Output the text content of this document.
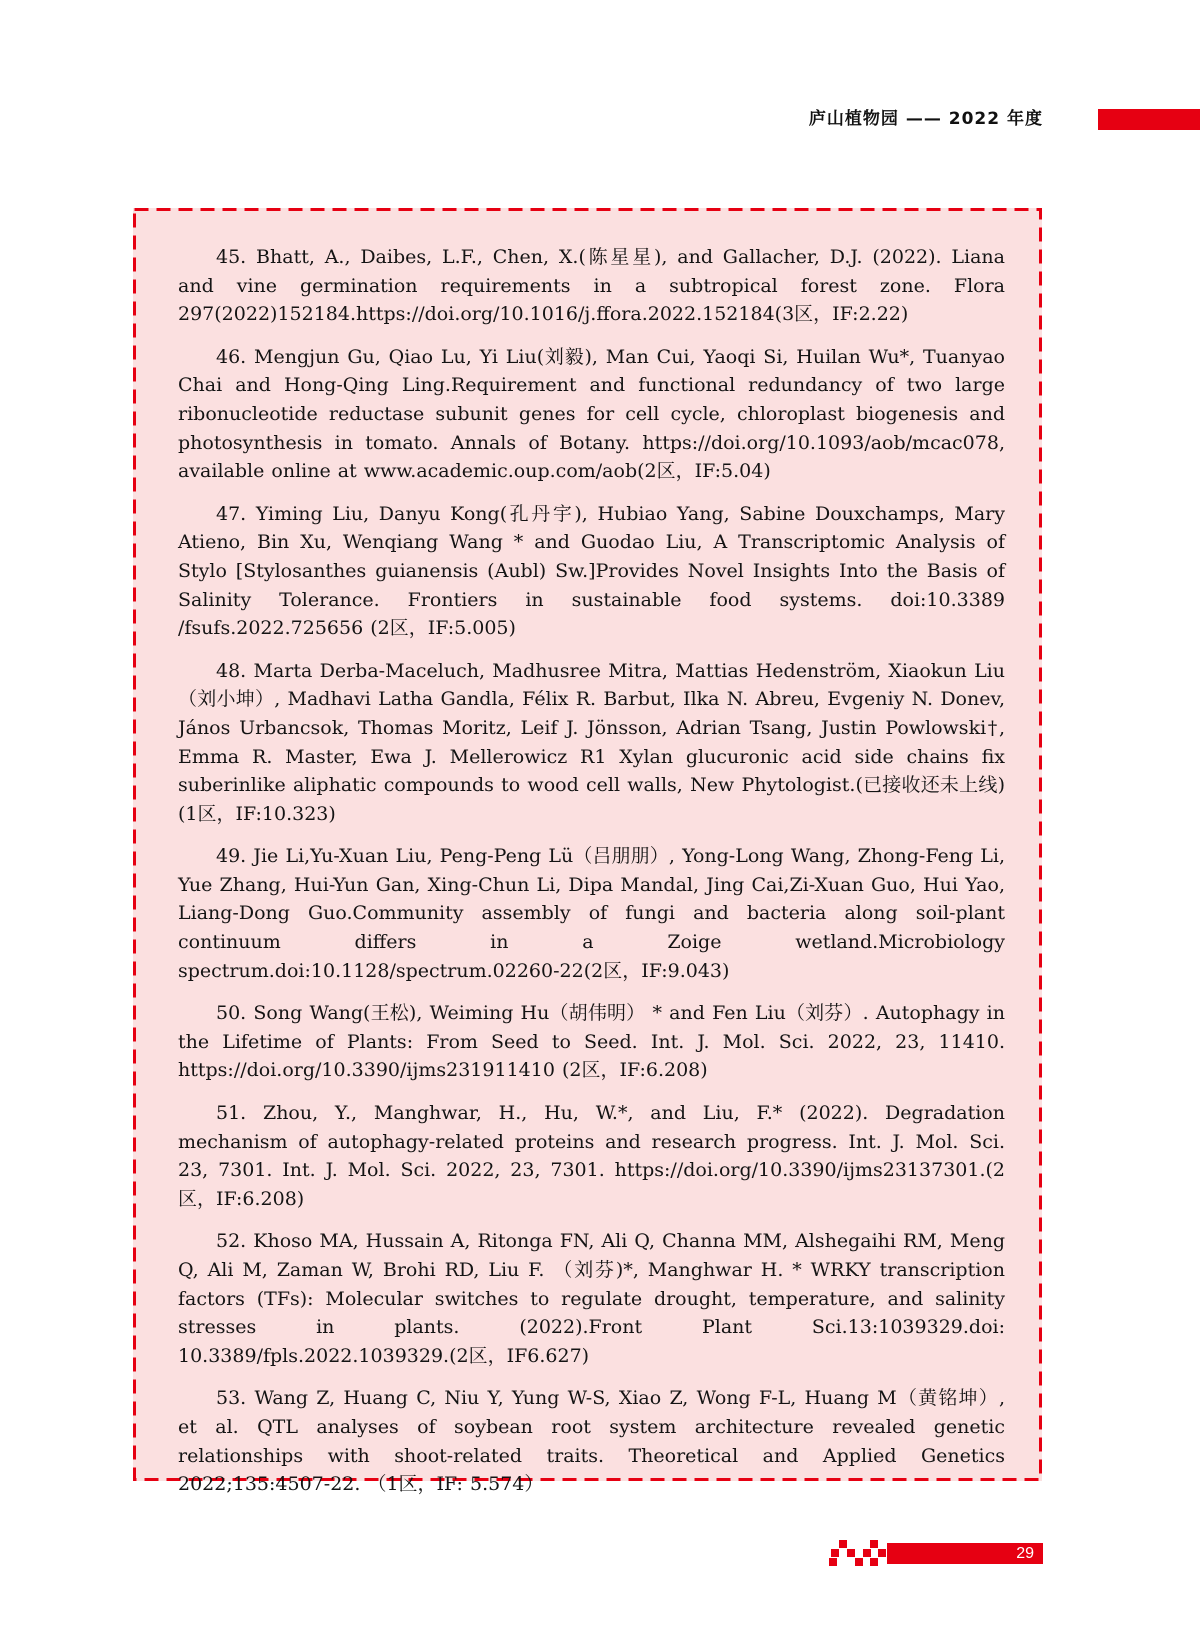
庐山植物园 —— 2022 年度

45. Bhatt, A., Daibes, L.F., Chen, X.(陈星星), and Gallacher, D.J. (2022). Liana and vine germination requirements in a subtropical forest zone. Flora 297(2022)152184.https://doi.org/10.1016/j.ffora.2022.152184(3区，IF:2.22)

46. Mengjun Gu, Qiao Lu, Yi Liu(刘毅), Man Cui, Yaoqi Si, Huilan Wu*, Tuanyao Chai and Hong-Qing Ling.Requirement and functional redundancy of two large ribonucleotide reductase subunit genes for cell cycle, chloroplast biogenesis and photosynthesis in tomato. Annals of Botany. https://doi.org/10.1093/aob/mcac078, available online at www.academic.oup.com/aob(2区，IF:5.04)

47. Yiming Liu, Danyu Kong(孔丹宇), Hubiao Yang, Sabine Douxchamps, Mary Atieno, Bin Xu, Wenqiang Wang * and Guodao Liu, A Transcriptomic Analysis of Stylo [Stylosanthes guianensis (Aubl) Sw.]Provides Novel Insights Into the Basis of Salinity Tolerance. Frontiers in sustainable food systems. doi:10.3389 /fsufs.2022.725656 (2区，IF:5.005)

48. Marta Derba-Maceluch, Madhusree Mitra, Mattias Hedenström, Xiaokun Liu（刘小坤）, Madhavi Latha Gandla, Félix R. Barbut, Ilka N. Abreu, Evgeniy N. Donev, János Urbancsok, Thomas Moritz, Leif J. Jönsson, Adrian Tsang, Justin Powlowski†, Emma R. Master, Ewa J. Mellerowicz R1 Xylan glucuronic acid side chains fix suberinlike aliphatic compounds to wood cell walls, New Phytologist.(已接收还未上线)(1区，IF:10.323)

49. Jie Li,Yu-Xuan Liu, Peng-Peng Lü（吕朋朋）, Yong-Long Wang, Zhong-Feng Li, Yue Zhang, Hui-Yun Gan, Xing-Chun Li, Dipa Mandal, Jing Cai,Zi-Xuan Guo, Hui Yao, Liang-Dong Guo.Community assembly of fungi and bacteria along soil-plant continuum differs in a Zoige wetland.Microbiology spectrum.doi:10.1128/spectrum.02260-22(2区，IF:9.043)

50. Song Wang(王松), Weiming Hu（胡伟明） * and Fen Liu（刘芬）. Autophagy in the Lifetime of Plants: From Seed to Seed. Int. J. Mol. Sci. 2022, 23, 11410. https://doi.org/10.3390/ijms231911410 (2区，IF:6.208)

51. Zhou, Y., Manghwar, H., Hu, W.*, and Liu, F.* (2022). Degradation mechanism of autophagy-related proteins and research progress. Int. J. Mol. Sci. 23, 7301. Int. J. Mol. Sci. 2022, 23, 7301. https://doi.org/10.3390/ijms23137301.(2区，IF:6.208)

52. Khoso MA, Hussain A, Ritonga FN, Ali Q, Channa MM, Alshegaihi RM, Meng Q, Ali M, Zaman W, Brohi RD, Liu F. （刘芬)*, Manghwar H. * WRKY transcription factors (TFs): Molecular switches to regulate drought, temperature, and salinity stresses in plants. (2022).Front Plant Sci.13:1039329.doi: 10.3389/fpls.2022.1039329.(2区，IF6.627)

53. Wang Z, Huang C, Niu Y, Yung W-S, Xiao Z, Wong F-L, Huang M（黄铭坤）, et al. QTL analyses of soybean root system architecture revealed genetic relationships with shoot-related traits. Theoretical and Applied Genetics 2022;135:4507-22. （1区，IF: 5.574）

29
